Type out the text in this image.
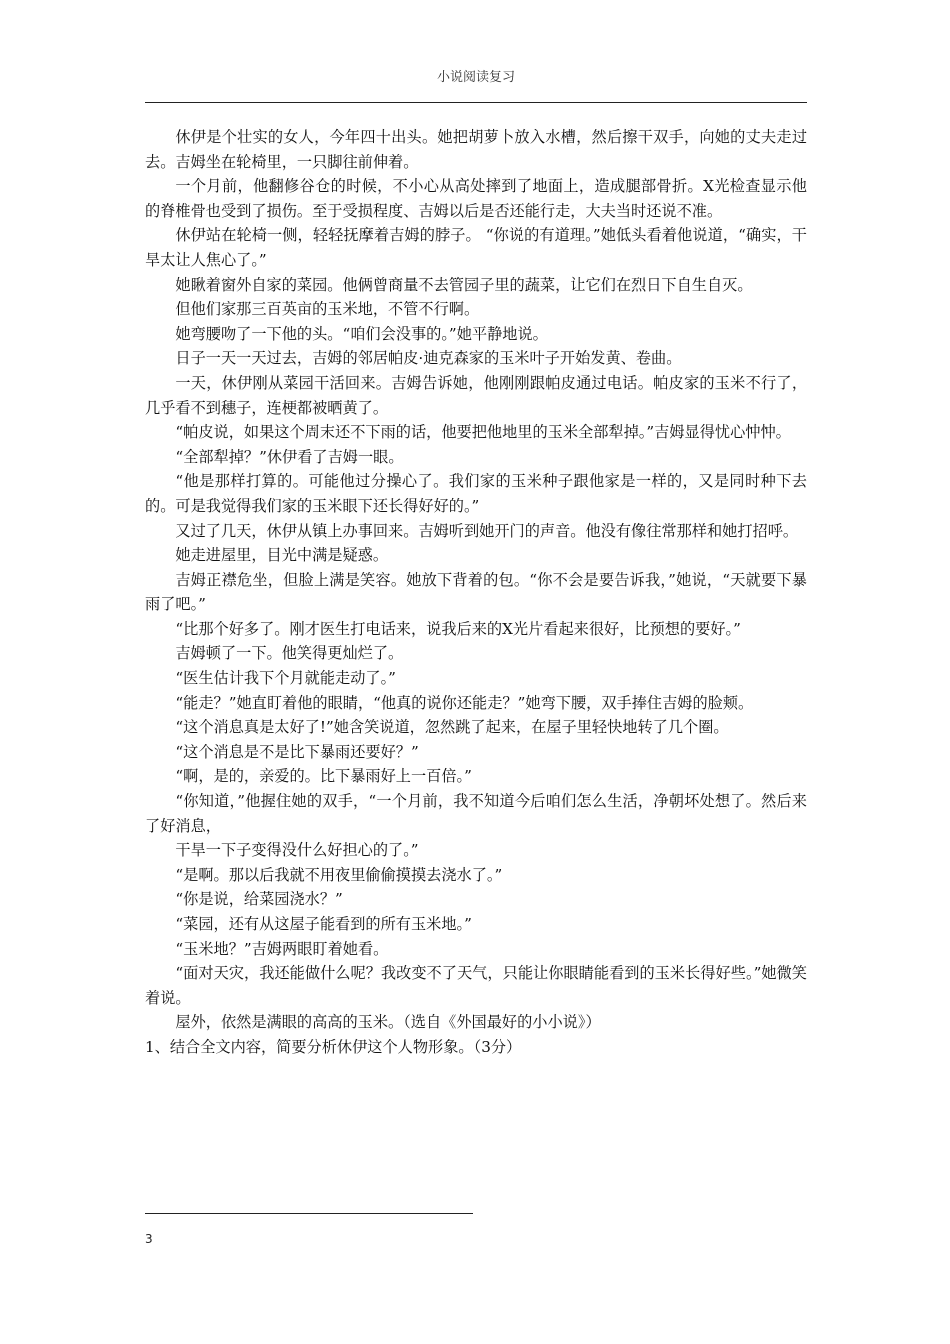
小说阅读复习

休伊是个壮实的女人，今年四十出头。她把胡萝卜放入水槽，然后擦干双手，向她的丈夫走过去。吉姆坐在轮椅里，一只脚往前伸着。

一个月前，他翻修谷仓的时候，不小心从高处摔到了地面上，造成腿部骨折。X光检查显示他的脊椎骨也受到了损伤。至于受损程度、吉姆以后是否还能行走，大夫当时还说不准。

休伊站在轮椅一侧，轻轻抚摩着吉姆的脖子。 “你说的有道理。”她低头看着他说道，“确实，干旱太让人焦心了。”

她瞅着窗外自家的菜园。他俩曾商量不去管园子里的蔬菜，让它们在烈日下自生自灭。

但他们家那三百英亩的玉米地，不管不行啊。

她弯腰吻了一下他的头。“咱们会没事的。”她平静地说。

日子一天一天过去，吉姆的邻居帕皮·迪克森家的玉米叶子开始发黄、卷曲。

一天，休伊刚从菜园干活回来。吉姆告诉她，他刚刚跟帕皮通过电话。帕皮家的玉米不行了，几乎看不到穗子，连梗都被晒黄了。

“帕皮说，如果这个周末还不下雨的话，他要把他地里的玉米全部犁掉。”吉姆显得忧心忡忡。

“全部犁掉？”休伊看了吉姆一眼。

“他是那样打算的。可能他过分操心了。我们家的玉米种子跟他家是一样的，又是同时种下去的。可是我觉得我们家的玉米眼下还长得好好的。”

又过了几天，休伊从镇上办事回来。吉姆听到她开门的声音。他没有像往常那样和她打招呼。

她走进屋里，目光中满是疑惑。

吉姆正襟危坐，但脸上满是笑容。她放下背着的包。“你不会是要告诉我，”她说，“天就要下暴雨了吧。”

“比那个好多了。刚才医生打电话来，说我后来的X光片看起来很好，比预想的要好。”

吉姆顿了一下。他笑得更灿烂了。

“医生估计我下个月就能走动了。”

“能走？”她直盯着他的眼睛，“他真的说你还能走？”她弯下腰，双手捧住吉姆的脸颊。

“这个消息真是太好了!”她含笑说道，忽然跳了起来，在屋子里轻快地转了几个圈。

“这个消息是不是比下暴雨还要好？”

“啊，是的，亲爱的。比下暴雨好上一百倍。”

“你知道，”他握住她的双手，“一个月前，我不知道今后咱们怎么生活，净朝坏处想了。然后来了好消息，

干旱一下子变得没什么好担心的了。”

“是啊。那以后我就不用夜里偷偷摸摸去浇水了。”

“你是说，给菜园浇水？”

“菜园，还有从这屋子能看到的所有玉米地。”

“玉米地？”吉姆两眼盯着她看。

“面对天灾，我还能做什么呢？我改变不了天气，只能让你眼睛能看到的玉米长得好些。”她微笑着说。

屋外，依然是满眼的高高的玉米。（选自《外国最好的小小说》）

1、结合全文内容，简要分析休伊这个人物形象。（3分）

3
